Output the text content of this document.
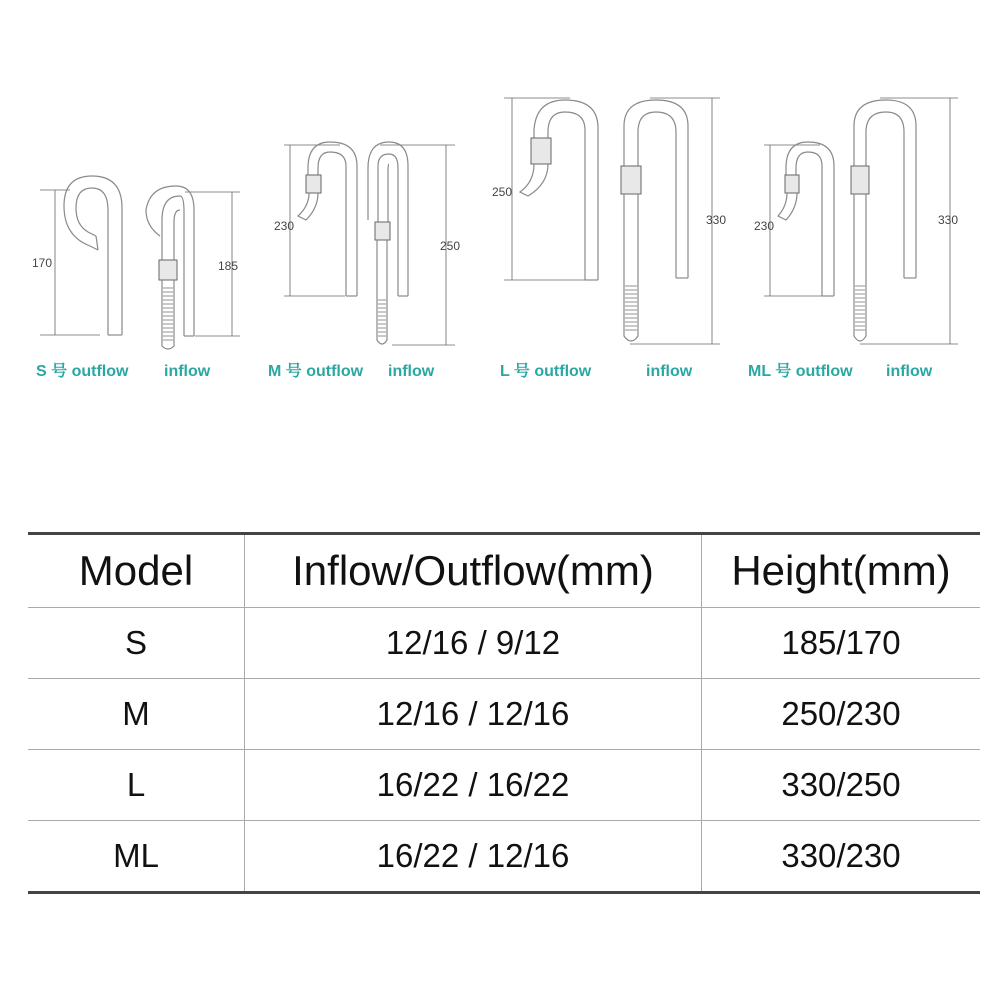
170	185
S 号 outflow inflow
230
250
M 号 outflow inflow
250
330
L 号 outflow	inflow
230	330
ML 号 outflow inflow
Model	Inflow/Outflow(mm)	Height(mm)
S	12/16 / 9/12	185/170
M	12/16 / 12/16	250/230
L	16/22 / 16/22	330/250
ML	16/22 / 12/16	330/230
